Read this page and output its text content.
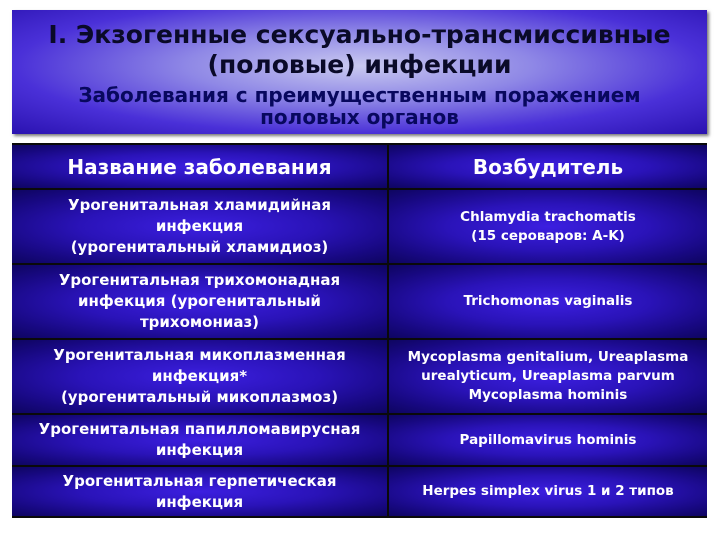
I. Экзогенные сексуально-трансмиссивные
(половые) инфекции
Заболевания с преимущественным поражением
половых органов
Название заболевания	Возбудитель
Урогенитальная хламидийная
инфекция
(урогенитальный хламидиоз)
Chlamydia trachomatis
(15 сероваров: A-K)
Урогенитальная трихомонадная
инфекция (урогенитальный
трихомониаз)
Trichomonas vaginalis
Урогенитальная микоплазменная
инфекция*
(урогенитальный микоплазмоз)
Mycoplasma genitalium, Ureaplasma
urealyticum, Ureaplasma parvum
Mycoplasma hominis
Урогенитальная папилломавирусная
инфекция
Papillomavirus hominis
Урогенитальная герпетическая
инфекция
Herpes simplex virus 1 и 2 типов
